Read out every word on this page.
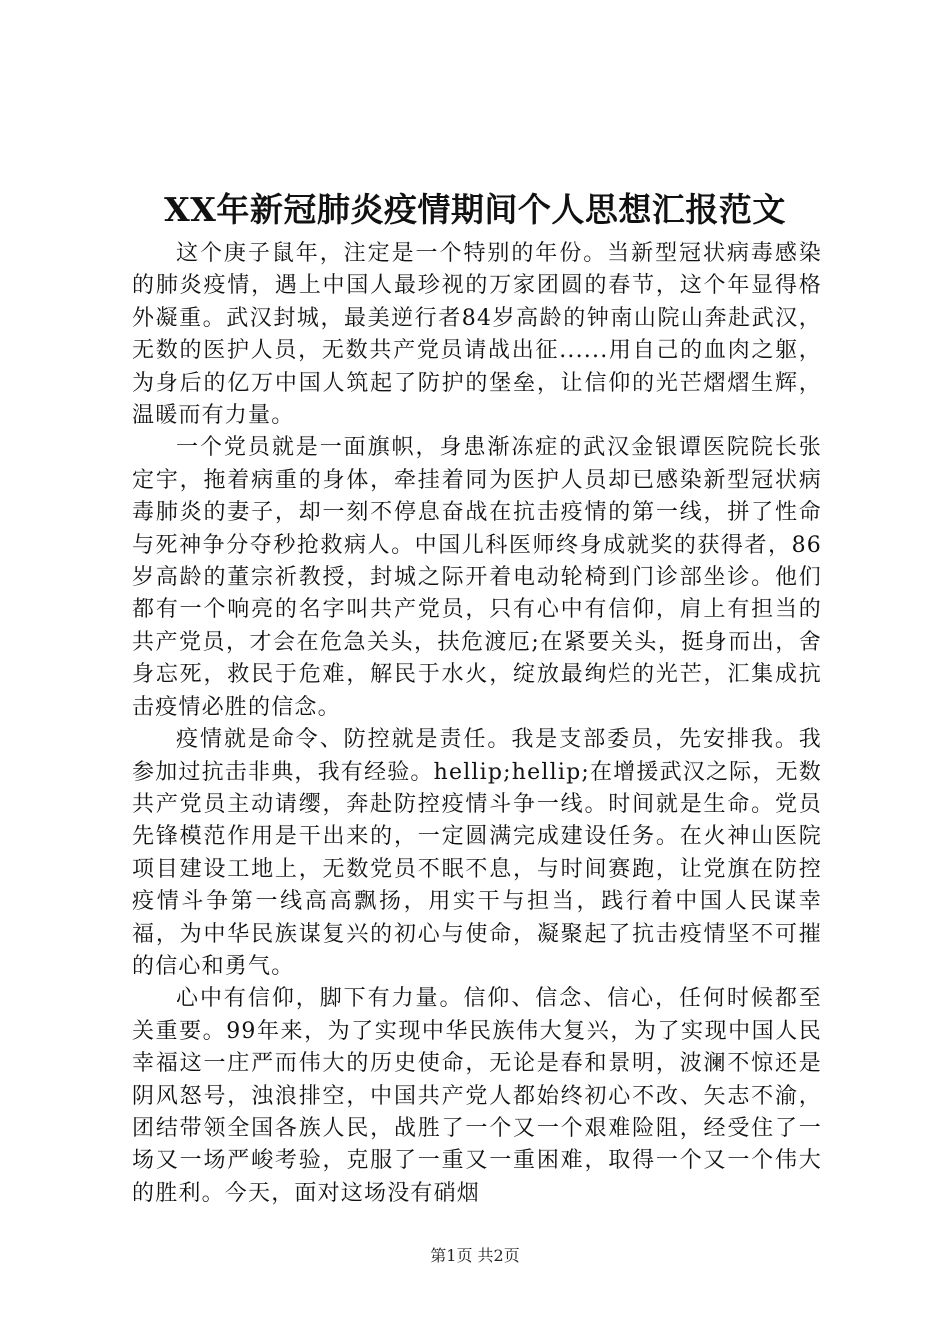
XX年新冠肺炎疫情期间个人思想汇报范文

这个庚子鼠年，注定是一个特别的年份。当新型冠状病毒感染的肺炎疫情，遇上中国人最珍视的万家团圆的春节，这个年显得格外凝重。武汉封城，最美逆行者84岁高龄的钟南山院山奔赴武汉，无数的医护人员，无数共产党员请战出征......用自己的血肉之躯，为身后的亿万中国人筑起了防护的堡垒，让信仰的光芒熠熠生辉，温暖而有力量。

一个党员就是一面旗帜，身患渐冻症的武汉金银谭医院院长张定宇，拖着病重的身体，牵挂着同为医护人员却已感染新型冠状病毒肺炎的妻子，却一刻不停息奋战在抗击疫情的第一线，拼了性命与死神争分夺秒抢救病人。中国儿科医师终身成就奖的获得者，86岁高龄的董宗祈教授，封城之际开着电动轮椅到门诊部坐诊。他们都有一个响亮的名字叫共产党员，只有心中有信仰，肩上有担当的共产党员，才会在危急关头，扶危渡厄;在紧要关头，挺身而出，舍身忘死，救民于危难，解民于水火，绽放最绚烂的光芒，汇集成抗击疫情必胜的信念。

疫情就是命令、防控就是责任。我是支部委员，先安排我。我参加过抗击非典，我有经验。hellip;hellip;在增援武汉之际，无数共产党员主动请缨，奔赴防控疫情斗争一线。时间就是生命。党员先锋模范作用是干出来的，一定圆满完成建设任务。在火神山医院项目建设工地上，无数党员不眠不息，与时间赛跑，让党旗在防控疫情斗争第一线高高飘扬，用实干与担当，践行着中国人民谋幸福，为中华民族谋复兴的初心与使命，凝聚起了抗击疫情坚不可摧的信心和勇气。

心中有信仰，脚下有力量。信仰、信念、信心，任何时候都至关重要。99年来，为了实现中华民族伟大复兴，为了实现中国人民幸福这一庄严而伟大的历史使命，无论是春和景明，波澜不惊还是阴风怒号，浊浪排空，中国共产党人都始终初心不改、矢志不渝，团结带领全国各族人民，战胜了一个又一个艰难险阻，经受住了一场又一场严峻考验，克服了一重又一重困难，取得一个又一个伟大的胜利。今天，面对这场没有硝烟

第1页 共2页
